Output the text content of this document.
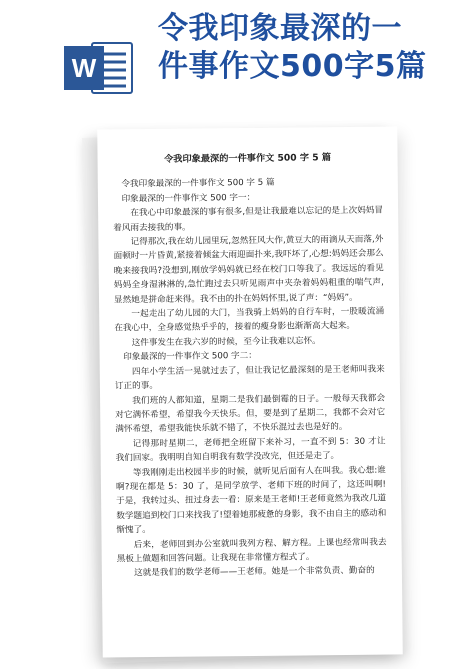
W
令我印象最深的一
件事作文500字5篇
令我印象最深的一件事作文 500 字 5 篇

令我印象最深的一件事作文 500 字 5 篇

印象最深的一件事作文 500 字一：

在我心中印象最深的事有很多,但是让我最难以忘记的是上次妈妈冒着风雨去接我的事。

记得那次,我在幼儿园里玩,忽然狂风大作,黄豆大的雨滴从天而落,外面顿时一片昏黄,紧接着倾盆大雨迎面扑来,我吓坏了,心想:妈妈还会那么晚来接我吗?没想到,刚放学妈妈就已经在校门口等我了。我远远的看见妈妈全身湿淋淋的,急忙跑过去只听见雨声中夹杂着妈妈粗重的喘气声,显然她是拼命赶来得。我不由的扑在妈妈怀里,说了声：“妈妈”。

一起走出了幼儿园的大门，当我骑上妈妈的自行车时，一股暖流涌在我心中，全身感觉热乎乎的，接着的瘦身影也渐渐高大起来。

这件事发生在我六岁的时候，至今让我难以忘怀。

印象最深的一件事作文 500 字二：

四年小学生活一晃就过去了，但让我记忆最深刻的是王老师叫我来订正的事。

我们班的人都知道，星期二是我们最倒霉的日子。一般每天我都会对它满怀希望，希望我今天快乐。但，要是到了星期二，我都不会对它满怀希望，希望我能快乐就不错了，不快乐混过去也是好的。

记得那时星期二，老师把全班留下来补习，一直不到 5：30 才让我们回家。我明明自知自明我有数学没改完，但还是走了。

等我刚刚走出校园半步的时候，就听见后面有人在叫我。我心想:谁啊?现在都是 5：30 了，是同学放学、老师下班的时间了，这还叫啊!于是，我转过头、扭过身去一看：原来是王老师!王老师竟然为我改几道数学题追到校门口来找我了!望着她那疲惫的身影，我不由自主的感动和惭愧了。

后来，老师回到办公室就叫我列方程、解方程。上课也经常叫我去黑板上做题和回答问题。让我现在非常懂方程式了。

这就是我们的数学老师——王老师。她是一个非常负责、勤奋的
